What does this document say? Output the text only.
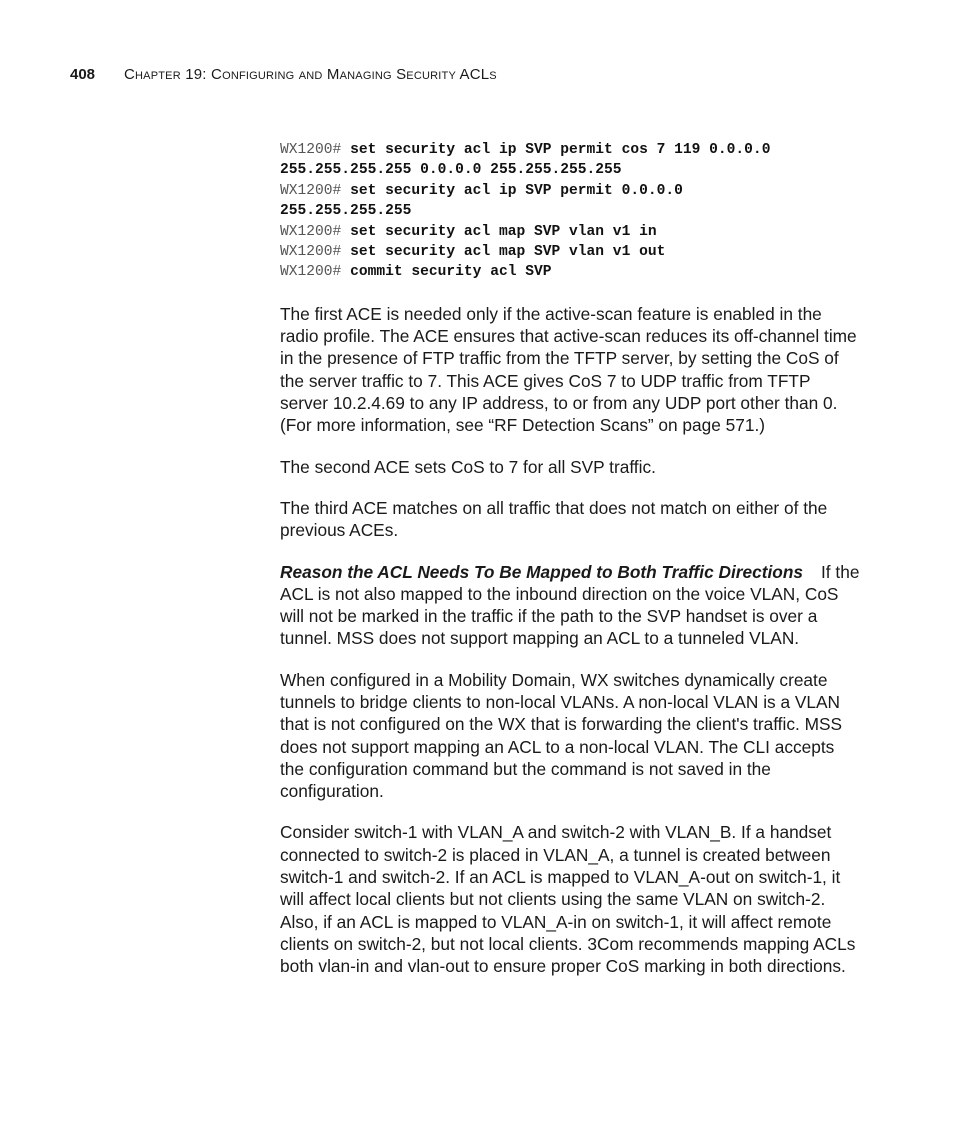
408	Chapter 19: Configuring and Managing Security ACLs
WX1200# set security acl ip SVP permit cos 7 119 0.0.0.0
255.255.255.255 0.0.0.0 255.255.255.255
WX1200# set security acl ip SVP permit 0.0.0.0
255.255.255.255
WX1200# set security acl map SVP vlan v1 in
WX1200# set security acl map SVP vlan v1 out
WX1200# commit security acl SVP

The first ACE is needed only if the active-scan feature is enabled in the radio profile. The ACE ensures that active-scan reduces its off-channel time in the presence of FTP traffic from the TFTP server, by setting the CoS of the server traffic to 7. This ACE gives CoS 7 to UDP traffic from TFTP server 10.2.4.69 to any IP address, to or from any UDP port other than 0. (For more information, see “RF Detection Scans” on page 571.)

The second ACE sets CoS to 7 for all SVP traffic.

The third ACE matches on all traffic that does not match on either of the previous ACEs.

Reason the ACL Needs To Be Mapped to Both Traffic Directions If the ACL is not also mapped to the inbound direction on the voice VLAN, CoS will not be marked in the traffic if the path to the SVP handset is over a tunnel. MSS does not support mapping an ACL to a tunneled VLAN.

When configured in a Mobility Domain, WX switches dynamically create tunnels to bridge clients to non-local VLANs. A non-local VLAN is a VLAN that is not configured on the WX that is forwarding the client's traffic. MSS does not support mapping an ACL to a non-local VLAN. The CLI accepts the configuration command but the command is not saved in the configuration.

Consider switch-1 with VLAN_A and switch-2 with VLAN_B. If a handset connected to switch-2 is placed in VLAN_A, a tunnel is created between switch-1 and switch-2. If an ACL is mapped to VLAN_A-out on switch-1, it will affect local clients but not clients using the same VLAN on switch-2. Also, if an ACL is mapped to VLAN_A-in on switch-1, it will affect remote clients on switch-2, but not local clients. 3Com recommends mapping ACLs both vlan-in and vlan-out to ensure proper CoS marking in both directions.
